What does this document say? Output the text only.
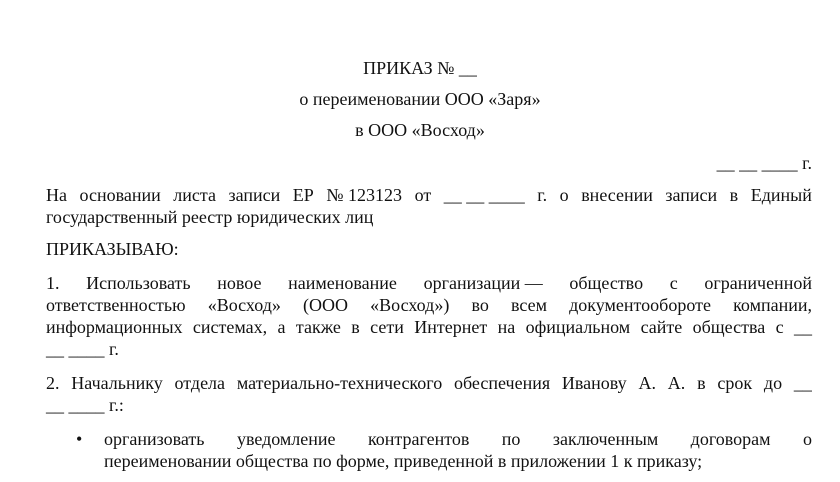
ПРИКАЗ № __
о переименовании ООО «Заря»
в ООО «Восход»
__ __ ____ г.
На основании листа записи ЕР № 123123 от __ __ ____ г. о внесении записи в Единый
государственный реестр юридических лиц
ПРИКАЗЫВАЮ:
1. Использовать новое наименование организации — общество с ограниченной
ответственностью «Восход» (ООО «Восход») во всем документообороте компании,
информационных системах, а также в сети Интернет на официальном сайте общества с __
__ ____ г.
2. Начальнику отдела материально-технического обеспечения Иванову А. А. в срок до __
__ ____ г.:
• организовать уведомление контрагентов по заключенным договорам о
переименовании общества по форме, приведенной в приложении 1 к приказу;
